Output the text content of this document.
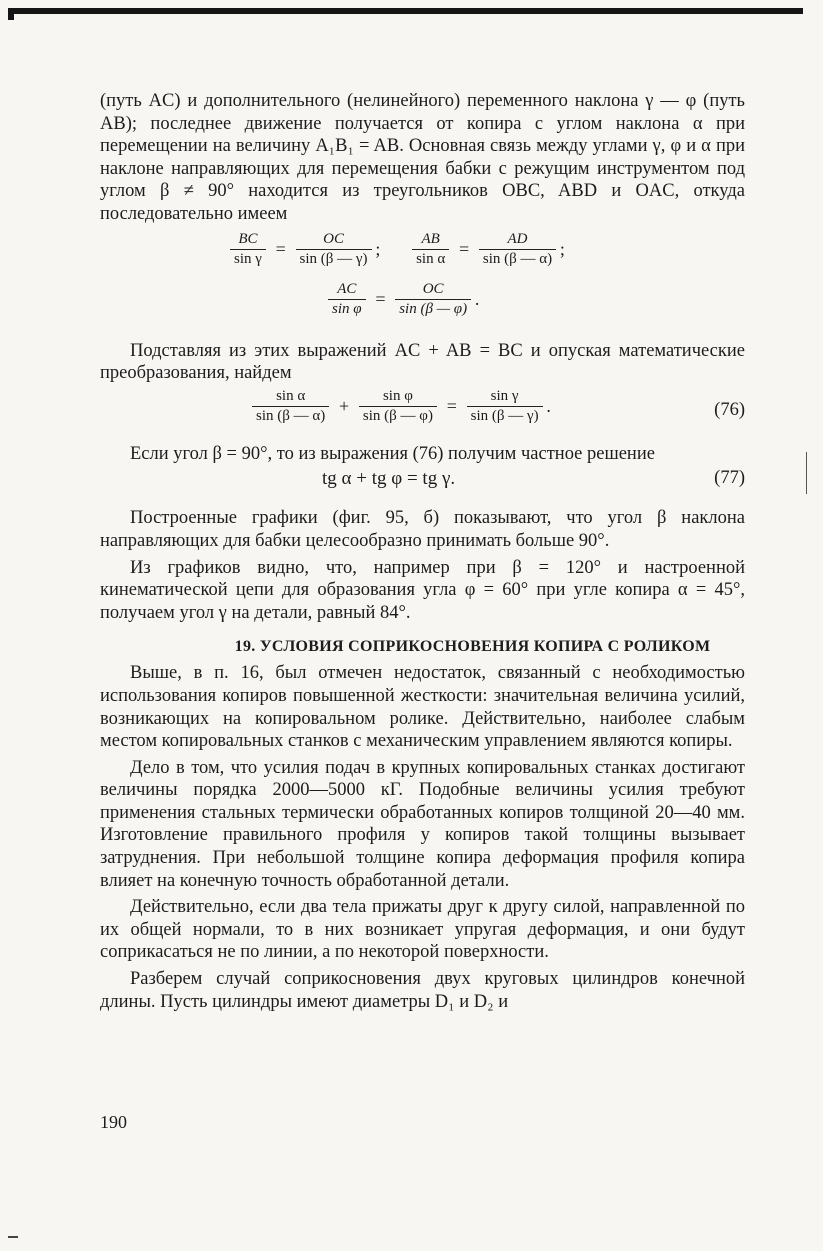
(путь AC) и дополнительного (нелинейного) переменного наклона γ — φ (путь AB); последнее движение получается от копира с углом наклона α при перемещении на величину A₁B₁ = AB. Основная связь между углами γ, φ и α при наклоне направляющих для перемещения бабки с режущим инструментом под углом β ≠ 90° находится из треугольников OBC, ABD и OAC, откуда последовательно имеем

$\frac{BC}{\text{sin γ}} = \frac{OC}{\sin (\beta — \gamma)}$ ; $\frac{AB}{\text{sin α}} = \frac{AD}{\sin (\beta — \alpha)}$ ;
$\frac{AC}{\text{sin φ}} = \frac{OC}{\sin (\beta — \varphi)}$ .

Подставляя из этих выражений AC + AB = BC и опуская математические преобразования, найдем

$\frac{\text{sin α}}{\sin (\beta — \alpha)} + \frac{\text{sin φ}}{\sin (\beta — \varphi)} = \frac{\text{sin γ}}{\sin (\beta — \gamma)}$ .	(76)

Если угол β = 90°, то из выражения (76) получим частное решение

tg α + tg φ = tg γ.	(77)

Построенные графики (фиг. 95, б) показывают, что угол β наклона направляющих для бабки целесообразно принимать больше 90°.

Из графиков видно, что, например при β = 120° и настроенной кинематической цепи для образования угла φ = 60° при угле копира α = 45°, получаем угол γ на детали, равный 84°.

19. УСЛОВИЯ СОПРИКОСНОВЕНИЯ КОПИРА С РОЛИКОМ

Выше, в п. 16, был отмечен недостаток, связанный с необходимостью использования копиров повышенной жесткости: значительная величина усилий, возникающих на копировальном ролике. Действительно, наиболее слабым местом копировальных станков с механическим управлением являются копиры.

Дело в том, что усилия подач в крупных копировальных станках достигают величины порядка 2000—5000 кГ. Подобные величины усилия требуют применения стальных термически обработанных копиров толщиной 20—40 мм. Изготовление правильного профиля у копиров такой толщины вызывает затруднения. При небольшой толщине копира деформация профиля копира влияет на конечную точность обработанной детали.

Действительно, если два тела прижаты друг к другу силой, направленной по их общей нормали, то в них возникает упругая деформация, и они будут соприкасаться не по линии, а по некоторой поверхности.

Разберем случай соприкосновения двух круговых цилиндров конечной длины. Пусть цилиндры имеют диаметры D₁ и D₂ и

190
